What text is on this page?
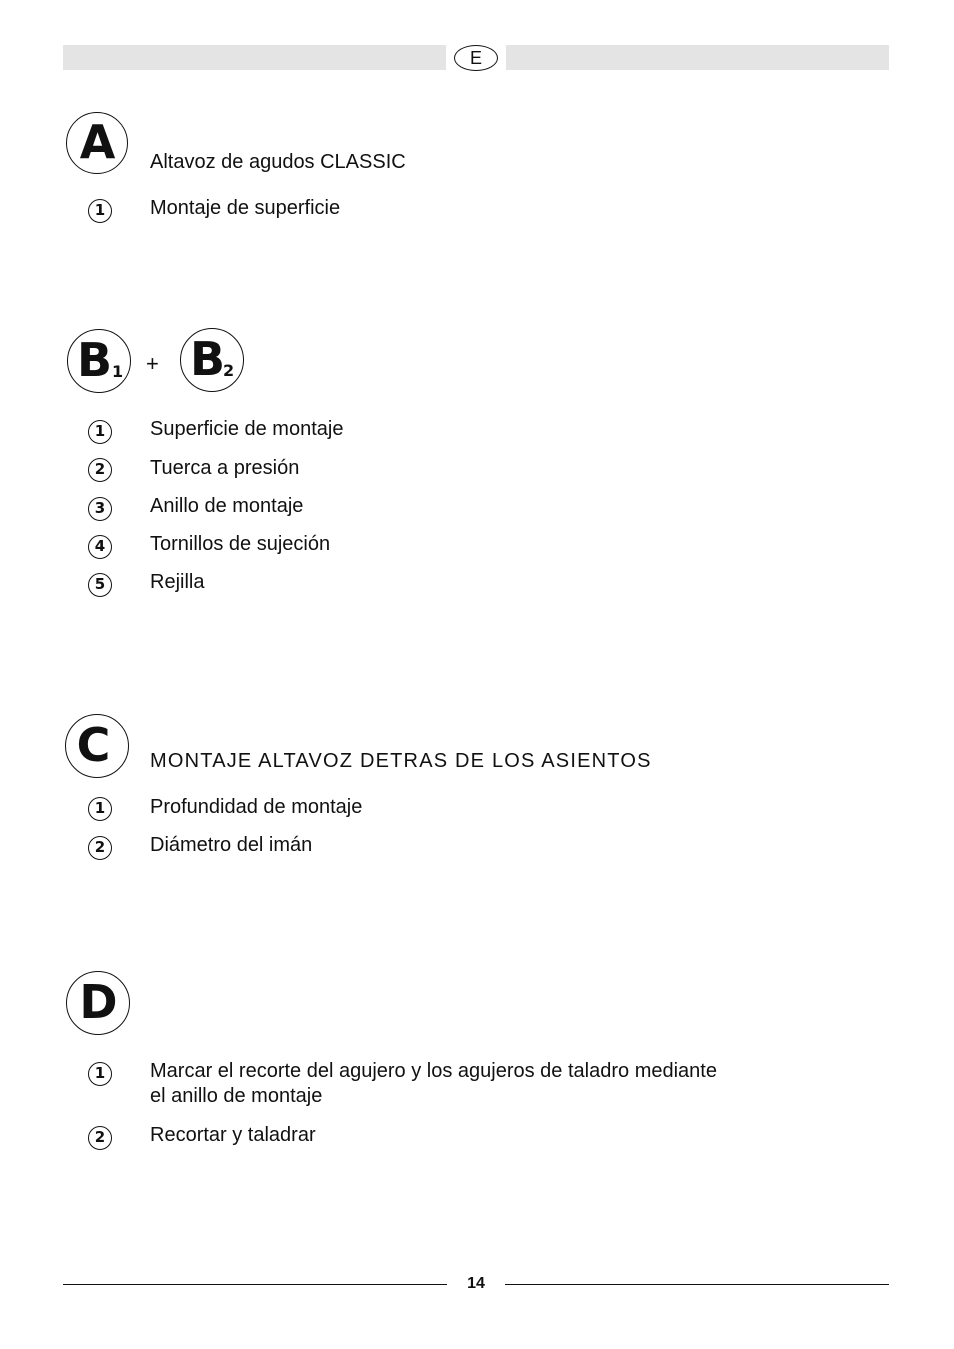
E
A	Altavoz de agudos CLASSIC
1	Montaje de superficie
B 1 + B
2
1	Superficie de montaje
2	Tuerca a presión
3	Anillo de montaje
4	Tornillos de sujeción
5	Rejilla
C	MONTAJE ALTAVOZ DETRAS DE LOS ASIENTOS
1	Profundidad de montaje
2	Diámetro del imán
D
1	Marcar el recorte del agujero y los agujeros de taladro mediante
el anillo de montaje
2	Recortar y taladrar
14
